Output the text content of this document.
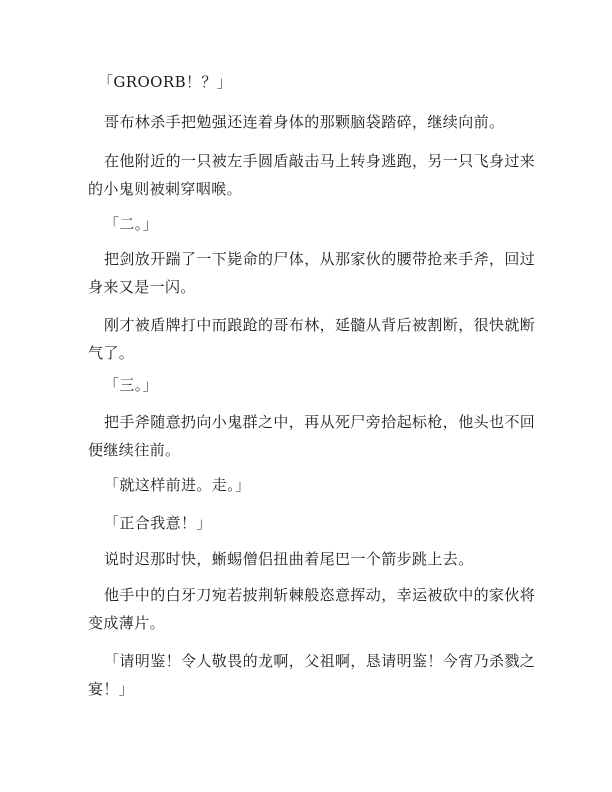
「GROORB！？」

哥布林杀手把勉强还连着身体的那颗脑袋踏碎，继续向前。

在他附近的一只被左手圆盾敲击马上转身逃跑，另一只飞身过来的小鬼则被刺穿咽喉。

「二。」

把剑放开踹了一下毙命的尸体，从那家伙的腰带抢来手斧，回过身来又是一闪。

刚才被盾牌打中而踉跄的哥布林，延髓从背后被割断，很快就断气了。

「三。」

把手斧随意扔向小鬼群之中，再从死尸旁拾起标枪，他头也不回便继续往前。

「就这样前进。走。」

「正合我意！」

说时迟那时快，蜥蜴僧侣扭曲着尾巴一个箭步跳上去。

他手中的白牙刀宛若披荆斩棘般恣意挥动，幸运被砍中的家伙将变成薄片。

「请明鉴！令人敬畏的龙啊，父祖啊，恳请明鉴！今宵乃杀戮之宴！」
